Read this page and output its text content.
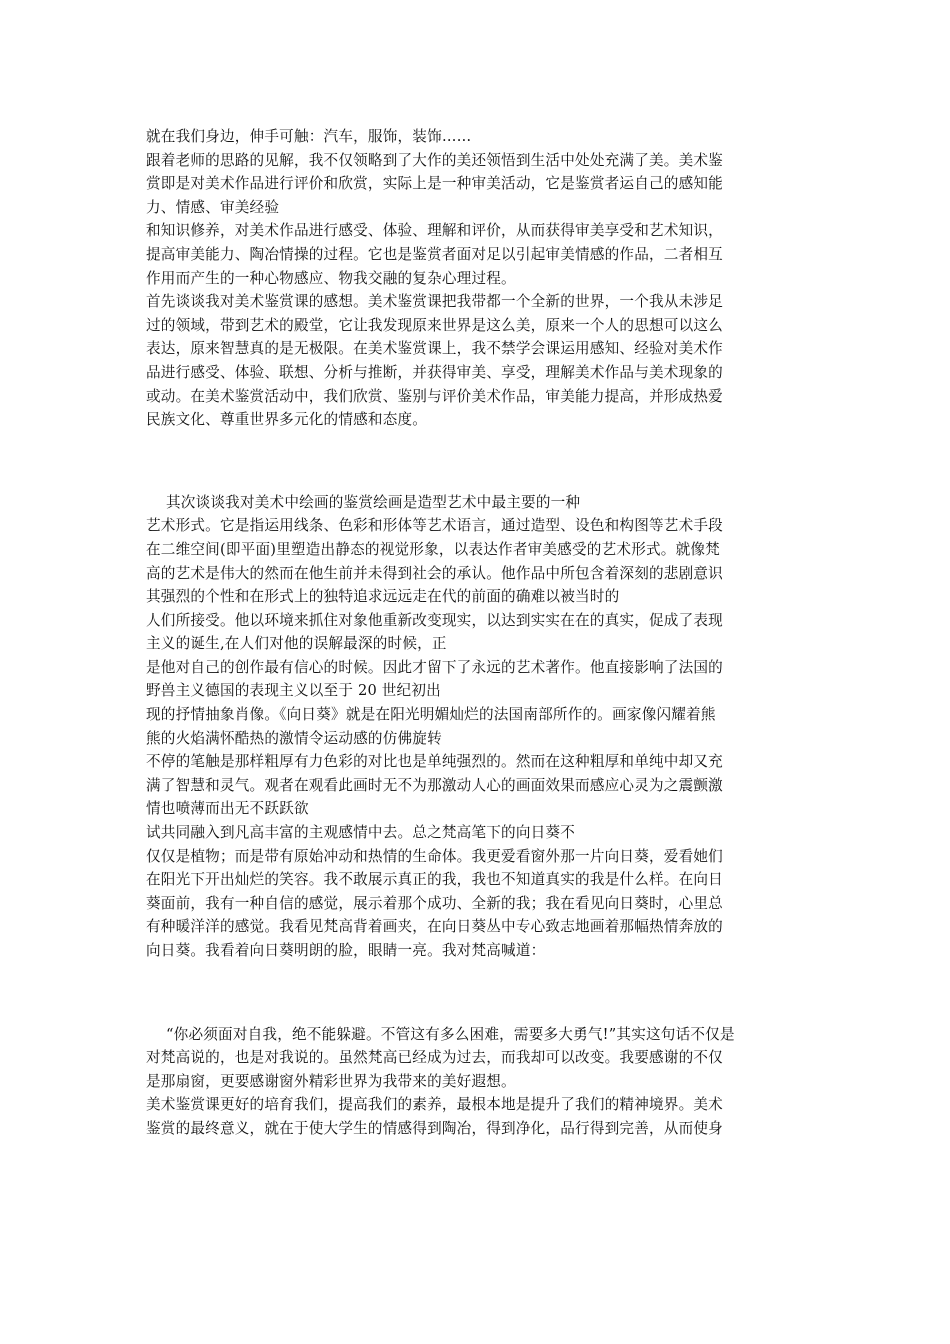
就在我们身边，伸手可触：汽车，服饰，装饰……
跟着老师的思路的见解，我不仅领略到了大作的美还领悟到生活中处处充满了美。美术鉴
赏即是对美术作品进行评价和欣赏，实际上是一种审美活动，它是鉴赏者运自己的感知能
力、情感、审美经验
和知识修养，对美术作品进行感受、体验、理解和评价，从而获得审美享受和艺术知识，
提高审美能力、陶冶情操的过程。它也是鉴赏者面对足以引起审美情感的作品，二者相互
作用而产生的一种心物感应、物我交融的复杂心理过程。
首先谈谈我对美术鉴赏课的感想。美术鉴赏课把我带都一个全新的世界，一个我从未涉足
过的领域，带到艺术的殿堂，它让我发现原来世界是这么美，原来一个人的思想可以这么
表达，原来智慧真的是无极限。在美术鉴赏课上，我不禁学会课运用感知、经验对美术作
品进行感受、体验、联想、分析与推断，并获得审美、享受，理解美术作品与美术现象的
或动。在美术鉴赏活动中，我们欣赏、鉴别与评价美术作品，审美能力提高，并形成热爱
民族文化、尊重世界多元化的情感和态度。
其次谈谈我对美术中绘画的鉴赏绘画是造型艺术中最主要的一种
艺术形式。它是指运用线条、色彩和形体等艺术语言，通过造型、设色和构图等艺术手段
在二维空间(即平面)里塑造出静态的视觉形象，以表达作者审美感受的艺术形式。就像梵
高的艺术是伟大的然而在他生前并未得到社会的承认。他作品中所包含着深刻的悲剧意识
其强烈的个性和在形式上的独特追求远远走在代的前面的确难以被当时的
人们所接受。他以环境来抓住对象他重新改变现实，以达到实实在在的真实，促成了表现
主义的诞生,在人们对他的误解最深的时候，正
是他对自己的创作最有信心的时候。因此才留下了永远的艺术著作。他直接影响了法国的
野兽主义德国的表现主义以至于 20 世纪初出
现的抒情抽象肖像。《向日葵》就是在阳光明媚灿烂的法国南部所作的。画家像闪耀着熊
熊的火焰满怀酷热的激情令运动感的仿佛旋转
不停的笔触是那样粗厚有力色彩的对比也是单纯强烈的。然而在这种粗厚和单纯中却又充
满了智慧和灵气。观者在观看此画时无不为那激动人心的画面效果而感应心灵为之震颤激
情也喷薄而出无不跃跃欲
试共同融入到凡高丰富的主观感情中去。总之梵高笔下的向日葵不
仅仅是植物；而是带有原始冲动和热情的生命体。我更爱看窗外那一片向日葵，爱看她们
在阳光下开出灿烂的笑容。我不敢展示真正的我，我也不知道真实的我是什么样。在向日
葵面前，我有一种自信的感觉，展示着那个成功、全新的我；我在看见向日葵时，心里总
有种暖洋洋的感觉。我看见梵高背着画夹，在向日葵丛中专心致志地画着那幅热情奔放的
向日葵。我看着向日葵明朗的脸，眼睛一亮。我对梵高喊道：
“你必须面对自我，绝不能躲避。不管这有多么困难，需要多大勇气!”其实这句话不仅是
对梵高说的，也是对我说的。虽然梵高已经成为过去，而我却可以改变。我要感谢的不仅
是那扇窗，更要感谢窗外精彩世界为我带来的美好遐想。
美术鉴赏课更好的培育我们，提高我们的素养，最根本地是提升了我们的精神境界。美术
鉴赏的最终意义，就在于使大学生的情感得到陶冶，得到净化，品行得到完善，从而使身
